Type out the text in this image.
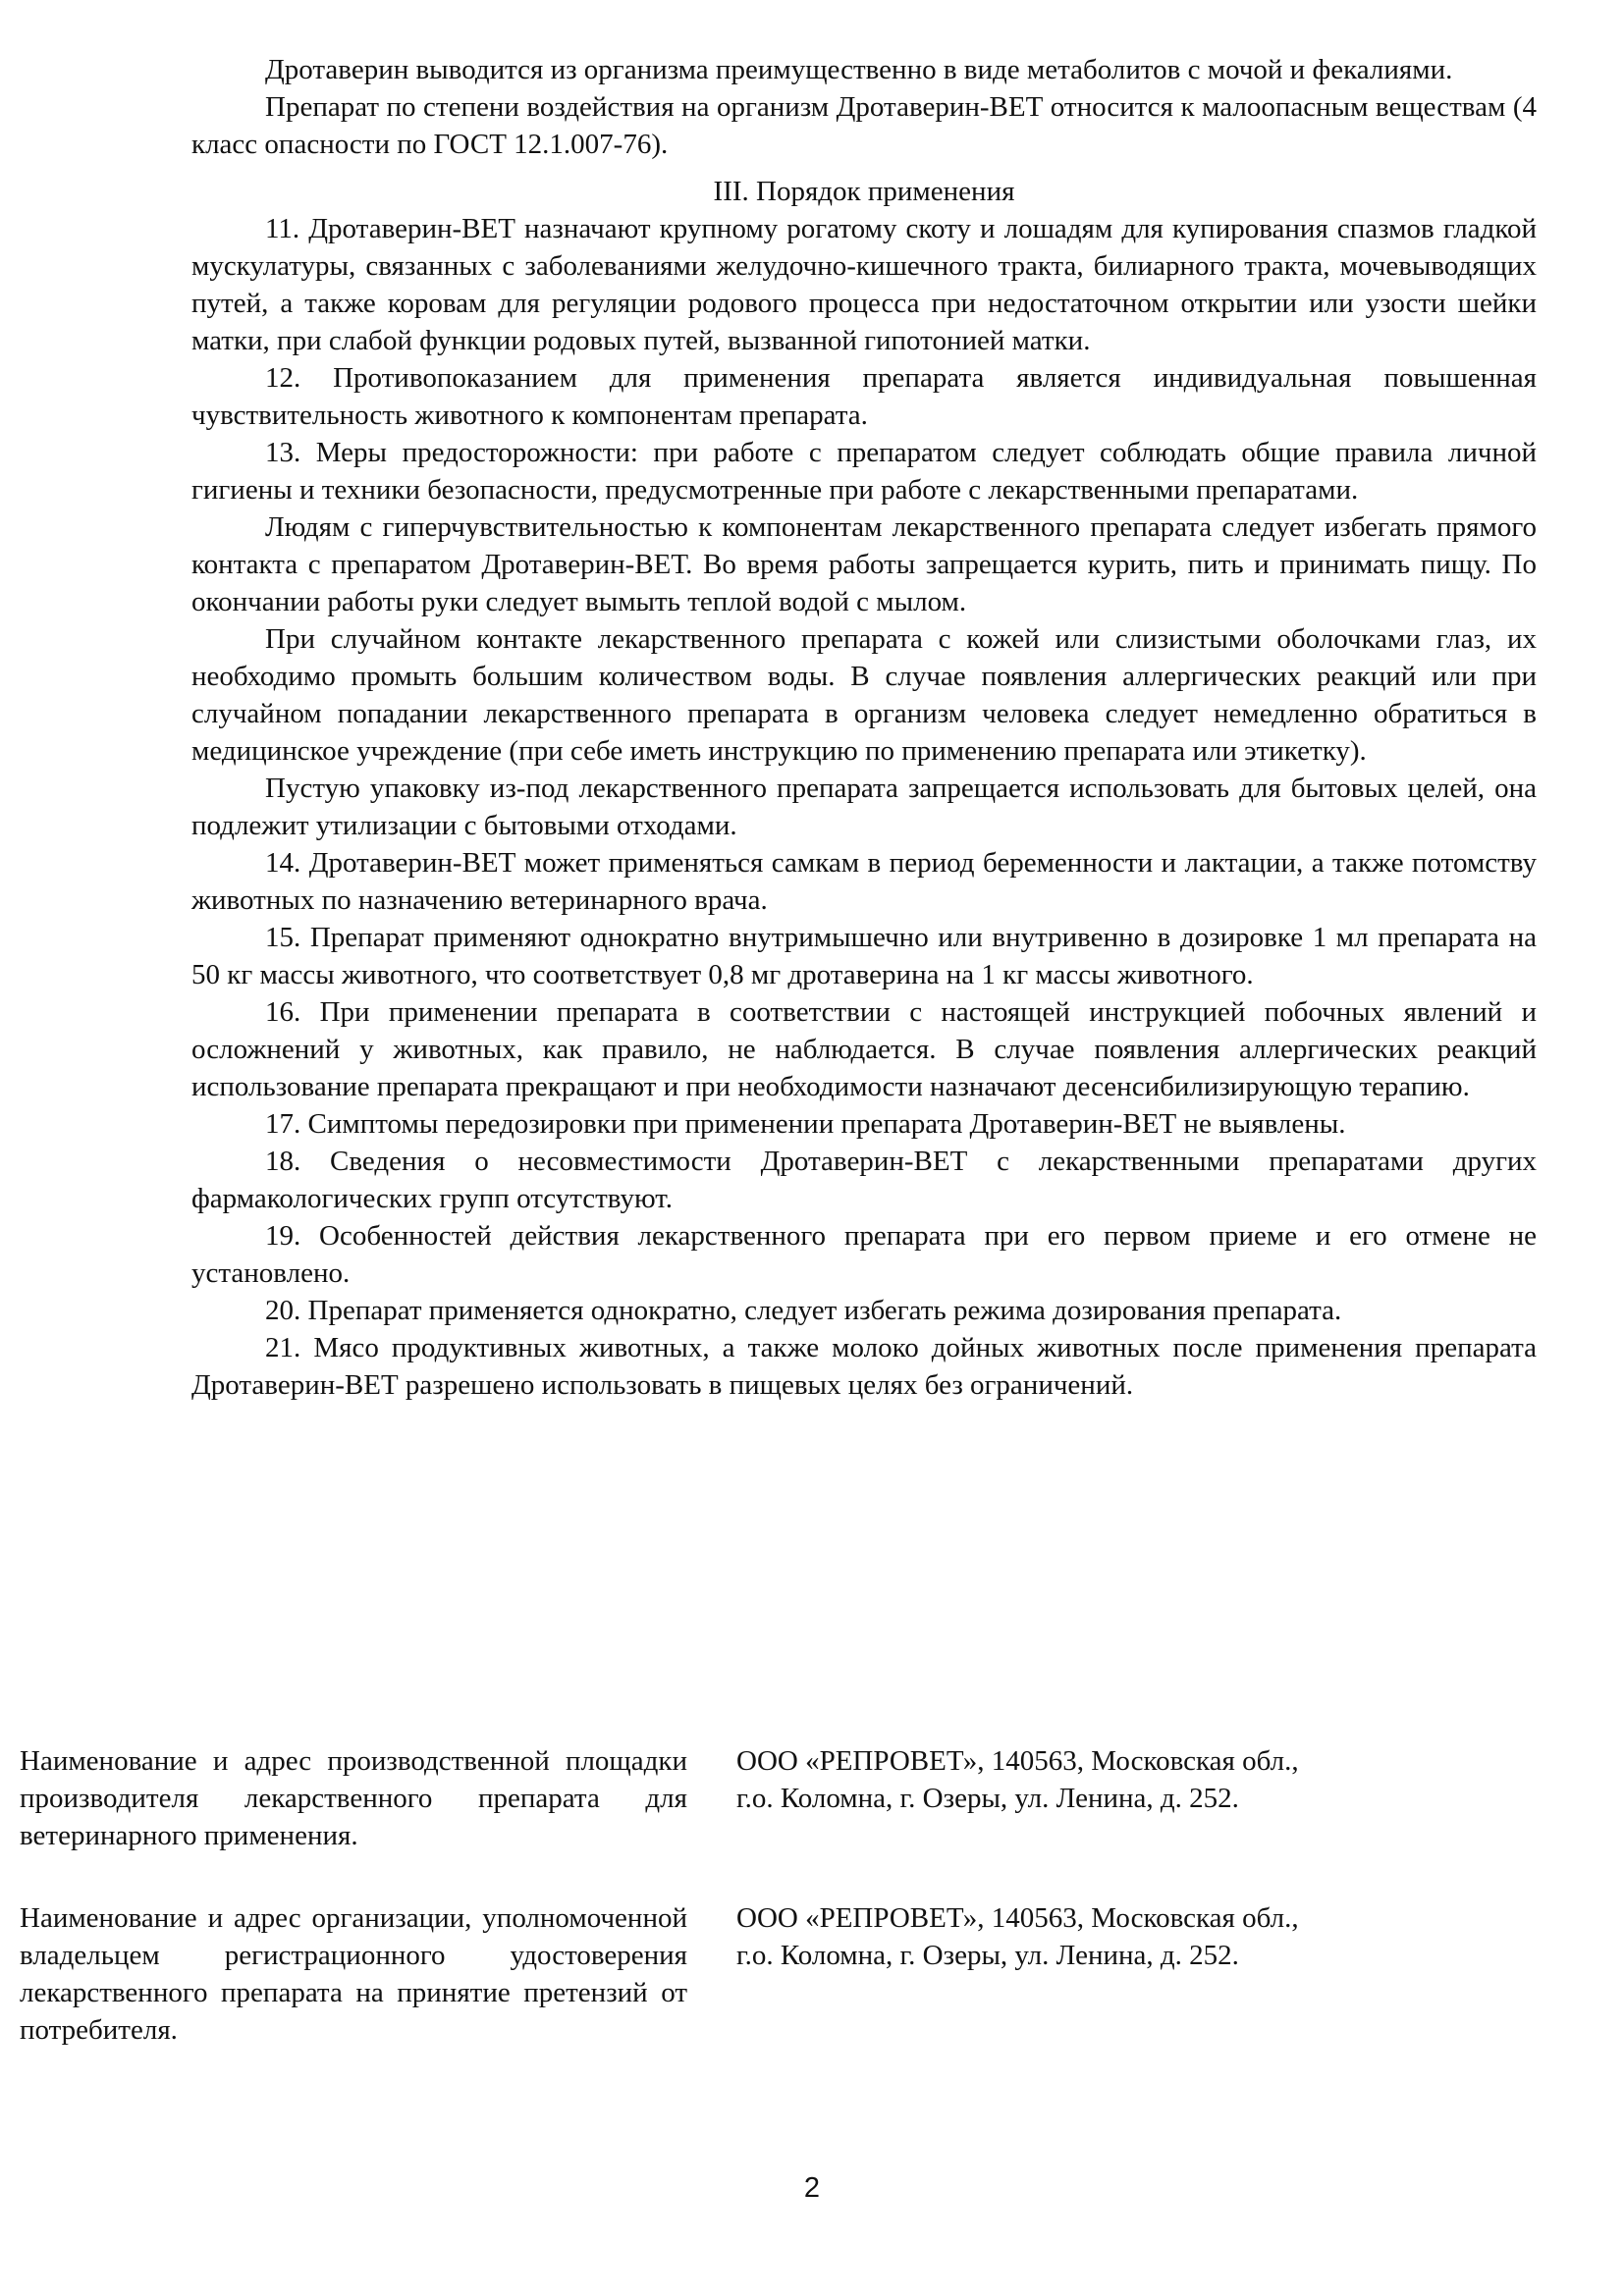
Дротаверин выводится из организма преимущественно в виде метаболитов с мочой и фекалиями.

Препарат по степени воздействия на организм Дротаверин-ВЕТ относится к малоопасным веществам (4 класс опасности по ГОСТ 12.1.007-76).

III. Порядок применения

11. Дротаверин-ВЕТ назначают крупному рогатому скоту и лошадям для купирования спазмов гладкой мускулатуры, связанных с заболеваниями желудочно-кишечного тракта, билиарного тракта, мочевыводящих путей, а также коровам для регуляции родового процесса при недостаточном открытии или узости шейки матки, при слабой функции родовых путей, вызванной гипотонией матки.

12. Противопоказанием для применения препарата является индивидуальная повышенная чувствительность животного к компонентам препарата.

13. Меры предосторожности: при работе с препаратом следует соблюдать общие правила личной гигиены и техники безопасности, предусмотренные при работе с лекарственными препаратами.

Людям с гиперчувствительностью к компонентам лекарственного препарата следует избегать прямого контакта с препаратом Дротаверин-ВЕТ. Во время работы запрещается курить, пить и принимать пищу. По окончании работы руки следует вымыть теплой водой с мылом.

При случайном контакте лекарственного препарата с кожей или слизистыми оболочками глаз, их необходимо промыть большим количеством воды. В случае появления аллергических реакций или при случайном попадании лекарственного препарата в организм человека следует немедленно обратиться в медицинское учреждение (при себе иметь инструкцию по применению препарата или этикетку).

Пустую упаковку из-под лекарственного препарата запрещается использовать для бытовых целей, она подлежит утилизации с бытовыми отходами.

14. Дротаверин-ВЕТ может применяться самкам в период беременности и лактации, а также потомству животных по назначению ветеринарного врача.

15. Препарат применяют однократно внутримышечно или внутривенно в дозировке 1 мл препарата на 50 кг массы животного, что соответствует 0,8 мг дротаверина на 1 кг массы животного.

16. При применении препарата в соответствии с настоящей инструкцией побочных явлений и осложнений у животных, как правило, не наблюдается. В случае появления аллергических реакций использование препарата прекращают и при необходимости назначают десенсибилизирующую терапию.

17. Симптомы передозировки при применении препарата Дротаверин-ВЕТ не выявлены.

18. Сведения о несовместимости Дротаверин-ВЕТ с лекарственными препаратами других фармакологических групп отсутствуют.

19. Особенностей действия лекарственного препарата при его первом приеме и его отмене не установлено.

20. Препарат применяется однократно, следует избегать режима дозирования препарата.

21. Мясо продуктивных животных, а также молоко дойных животных после применения препарата Дротаверин-ВЕТ разрешено использовать в пищевых целях без ограничений.

Наименование и адрес производственной площадки производителя лекарственного препарата для ветеринарного применения.

ООО «РЕПРОВЕТ», 140563, Московская обл., г.о. Коломна, г. Озеры, ул. Ленина, д. 252.

Наименование и адрес организации, уполномоченной владельцем регистрационного удостоверения лекарственного препарата на принятие претензий от потребителя.

ООО «РЕПРОВЕТ», 140563, Московская обл., г.о. Коломна, г. Озеры, ул. Ленина, д. 252.

2
